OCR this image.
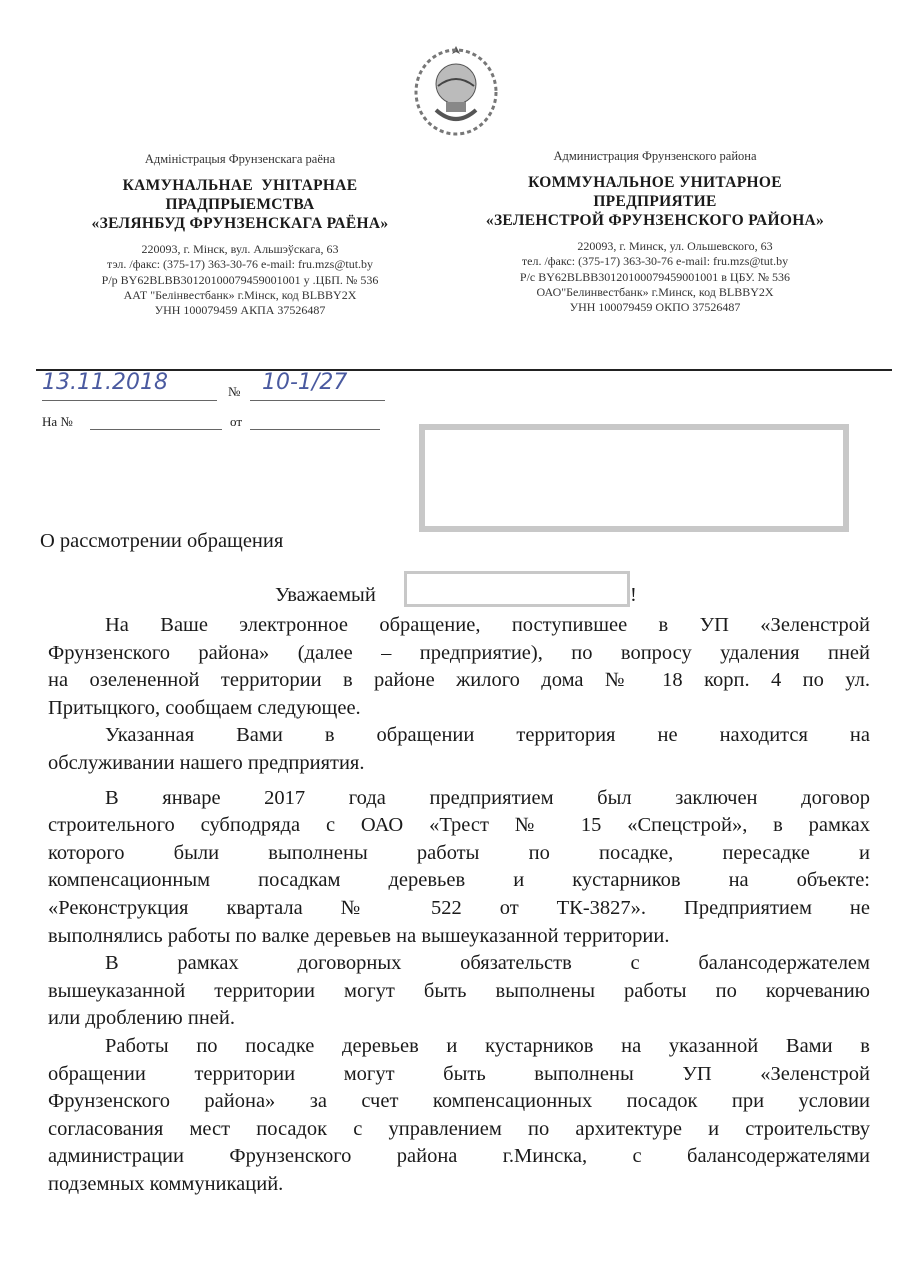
Адміністрацыя Фрунзенскага раёна
КАМУНАЛЬНАЕ  УНІТАРНАЕ
ПРАДПРЫЕМСТВА
«ЗЕЛЯНБУД ФРУНЗЕНСКАГА РАЁНА»
220093, г. Мінск, вул. Альшэўскага, 63
тэл. /факс: (375-17) 363-30-76 e-mail: fru.mzs@tut.by
Р/р BY62BLBB30120100079459001001 у .ЦБП. № 536
ААТ "Белінвестбанк» г.Мінск, код BLBBY2X
УНН 100079459 АКПА 37526487
Администрация Фрунзенского района
КОММУНАЛЬНОЕ УНИТАРНОЕ
ПРЕДПРИЯТИЕ
«ЗЕЛЕНСТРОЙ ФРУНЗЕНСКОГО РАЙОНА»
220093, г. Минск, ул. Ольшевского, 63
тел. /факс: (375-17) 363-30-76 e-mail: fru.mzs@tut.by
Р/с BY62BLBB30120100079459001001 в ЦБУ. № 536
ОАО"Белинвестбанк» г.Минск, код BLBBY2X
УНН 100079459 ОКПО 37526487
13.11.2018	№ 10-1/27
На №	от
О рассмотрении обращения
Уважаемый	!
На Ваше электронное обращение, поступившее в УП «Зеленстрой
Фрунзенского района» (далее – предприятие), по вопросу удаления пней
на озелененной территории в районе жилого дома № 18 корп. 4 по ул.
Притыцкого, сообщаем следующее.
Указанная Вами в обращении территория не находится на
обслуживании нашего предприятия.
В январе 2017 года предприятием был заключен договор
строительного субподряда с ОАО «Трест № 15 «Спецстрой», в рамках
которого были выполнены работы по посадке, пересадке и
компенсационным посадкам деревьев и кустарников на объекте:
«Реконструкция квартала № 522 от ТК-3827». Предприятием не
выполнялись работы по валке деревьев на вышеуказанной территории.
В рамках договорных обязательств с балансодержателем
вышеуказанной территории могут быть выполнены работы по корчеванию
или дроблению пней.
Работы по посадке деревьев и кустарников на указанной Вами в
обращении территории могут быть выполнены УП «Зеленстрой
Фрунзенского района» за счет компенсационных посадок при условии
согласования мест посадок с управлением по архитектуре и строительству
администрации Фрунзенского района г.Минска, с балансодержателями
подземных коммуникаций.
